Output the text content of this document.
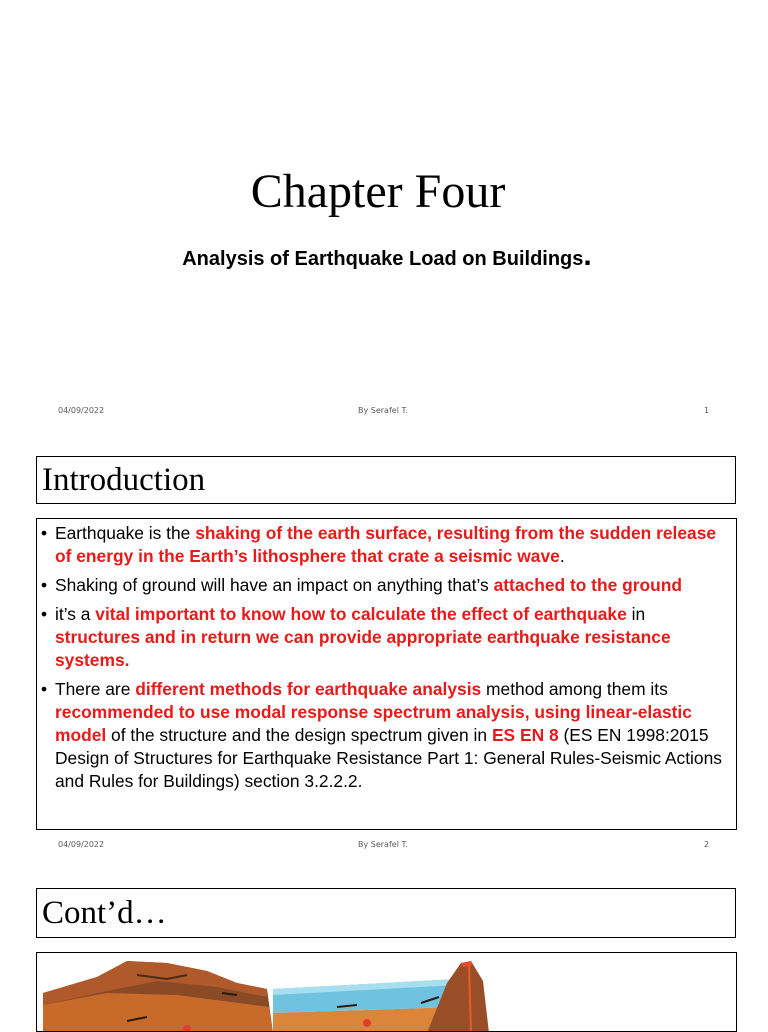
Chapter Four
Analysis of Earthquake Load on Buildings.
04/09/2022	By Serafel T.	1
Introduction
• Earthquake is the shaking of the earth surface, resulting from the sudden release of energy in the Earth’s lithosphere that crate a seismic wave.
• Shaking of ground will have an impact on anything that’s attached to the ground
• it’s a vital important to know how to calculate the effect of earthquake in structures and in return we can provide appropriate earthquake resistance systems.
• There are different methods for earthquake analysis method among them its recommended to use modal response spectrum analysis, using linear-elastic model of the structure and the design spectrum given in ES EN 8 (ES EN 1998:2015 Design of Structures for Earthquake Resistance Part 1: General Rules-Seismic Actions and Rules for Buildings) section 3.2.2.2.
04/09/2022	By Serafel T.	2
Cont’d…
